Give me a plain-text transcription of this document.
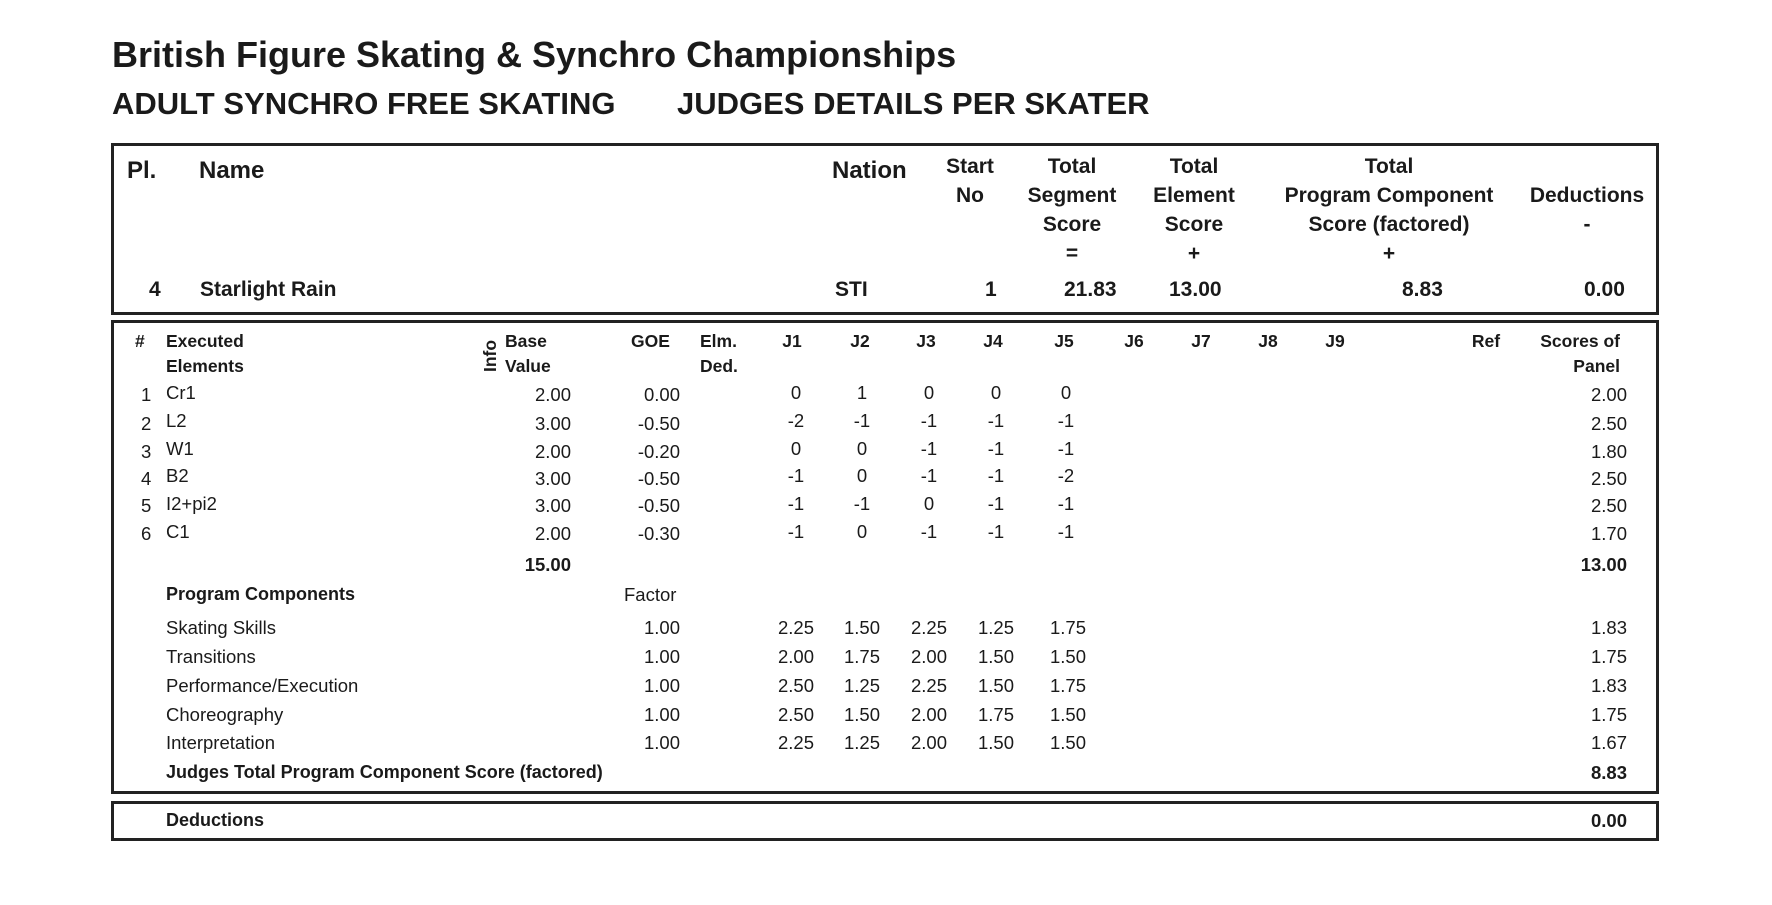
British Figure Skating & Synchro Championships
ADULT SYNCHRO FREE SKATING JUDGES DETAILS PER SKATER
Pl. Name	Nation Start
No
Total
Segment
Score
=
Total
Element
Score
+
Total
Program Component
Score (factored)
+
Deductions
-
4 Starlight Rain	STI	1	21.83 13.00	8.83	0.00
# Executed
Elements	Info Base
Value
GOE Elm.
Ded.
J1	J2	J3	J4	J5	J6	J7	J8	J9	Ref Scores of
Panel
1 Cr1	2.00	0.00	0	1	0	0	0	2.00
2 L2	3.00	-0.50	-2	-1	-1	-1	-1	2.50
3 W1	2.00	-0.20	0	0	-1	-1	-1	1.80
4 B2	3.00	-0.50	-1	0	-1	-1	-2	2.50
5 I2+pi2	3.00	-0.50	-1	-1	0	-1	-1	2.50
6 C1	2.00	-0.30	-1	0	-1	-1	-1	1.70
15.00	13.00
Program Components	Factor
Skating Skills	1.00	2.25 1.50 2.25 1.25 1.75	1.83
Transitions	1.00	2.00 1.75 2.00 1.50 1.50	1.75
Performance/Execution	1.00	2.50 1.25 2.25 1.50 1.75	1.83
Choreography	1.00	2.50 1.50 2.00 1.75 1.50	1.75
Interpretation	1.00	2.25 1.25 2.00 1.50 1.50	1.67
Judges Total Program Component Score (factored)	8.83
Deductions	0.00
